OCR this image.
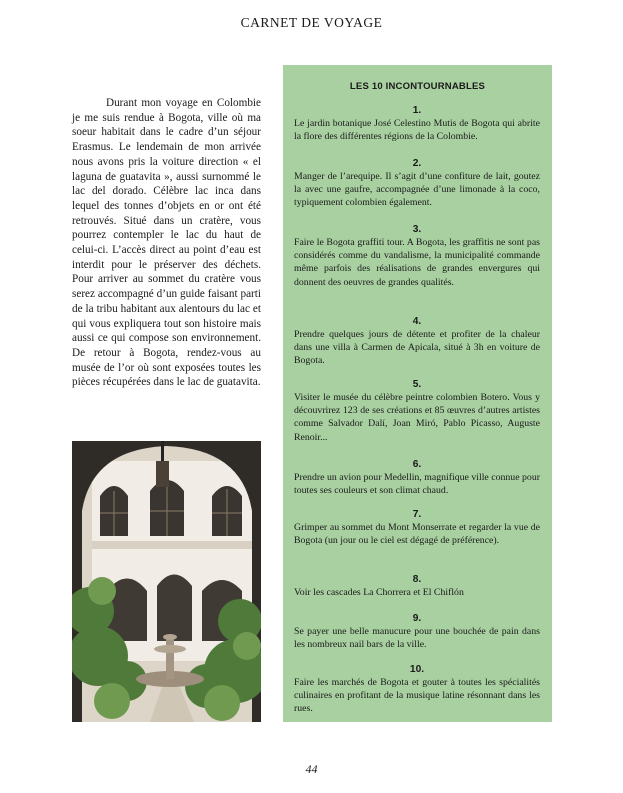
CARNET DE VOYAGE
Durant mon voyage en Colombie je me suis rendue à Bogota, ville où ma soeur habitait dans le cadre d’un séjour Erasmus. Le lendemain de mon arrivée nous avons pris la voiture direction « el laguna de guatavita », aussi surnommé le lac del dorado. Célèbre lac inca dans lequel des tonnes d’objets en or ont été retrouvés. Situé dans un cratère, vous pourrez contempler le lac du haut de celui-ci. L’accès direct au point d’eau est interdit pour le préserver des déchets. Pour arriver au sommet du cratère vous serez accompagné d’un guide faisant parti de la tribu habitant aux alentours du lac et qui vous expliquera tout son histoire mais aussi ce qui compose son environnement. De retour à Bogota, rendez-vous au musée de l’or où sont exposées toutes les pièces récupérées dans le lac de guatavita.
LES 10 INCONTOURNABLES
1.
Le jardin botanique José Celestino Mutis de Bogota qui abrite la flore des différentes régions de la Colombie.
2.
Manger de l’arequipe. Il s’agit d’une confiture de lait, goutez la avec une gaufre, accompagnée d’une limonade à la coco, typiquement colombien également.
3.
Faire le Bogota graffiti tour. A Bogota, les graffitis ne sont pas considérés comme du vandalisme, la municipalité commande même parfois des réalisations de grandes envergures qui donnent des oeuvres de grandes qualités.
4.
Prendre quelques jours de détente et profiter de la chaleur dans une villa à Carmen de Apicala, situé à 3h en voiture de Bogota.
5.
Visiter le musée du célèbre peintre colombien Botero. Vous y découvrirez 123 de ses créations et 85 œuvres d’autres artistes comme Salvador Dalí, Joan Miró, Pablo Picasso, Auguste Renoir...
6.
Prendre un avion pour Medellin, magnifique ville connue pour toutes ses couleurs et son climat chaud.
7.
Grimper au sommet du Mont Monserrate et regarder la vue de Bogota (un jour ou le ciel est dégagé de préférence).
8.
Voir les cascades La Chorrera et El Chiflón
9.
Se payer une belle manucure pour une bouchée de pain dans les nombreux nail bars de la ville.
10.
Faire les marchés de Bogota et gouter à toutes les spécialités culinaires en profitant de la musique latine résonnant dans les rues.
44
